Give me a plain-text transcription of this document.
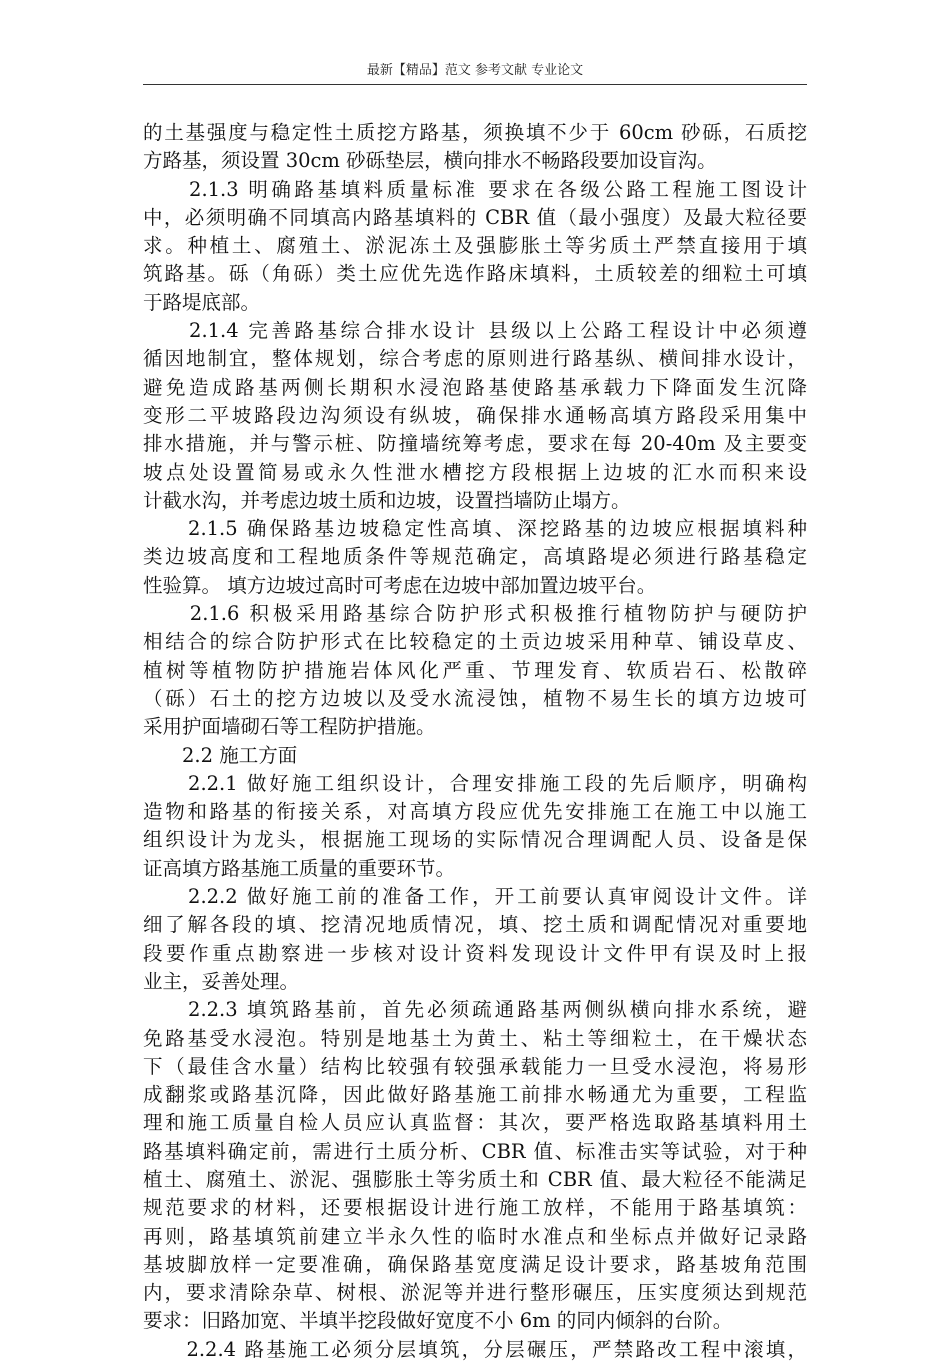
最新【精品】范文 参考文献 专业论文
的土基强度与稳定性土质挖方路基，须换填不少于 60cm 砂砾，石质挖
方路基，须设置 30cm 砂砾垫层，横向排水不畅路段要加设盲沟。
　　2.1.3 明确路基填料质量标准 要求在各级公路工程施工图设计
中，必须明确不同填高内路基填料的 CBR 值（最小强度）及最大粒径要
求。种植土、腐殖土、淤泥冻土及强膨胀土等劣质土严禁直接用于填
筑路基。砾（角砾）类土应优先选作路床填料，土质较差的细粒土可填
于路堤底部。
　　2.1.4 完善路基综合排水设计 县级以上公路工程设计中必须遵
循因地制宜，整体规划，综合考虑的原则进行路基纵、横间排水设计，
避免造成路基两侧长期积水浸泡路基使路基承载力下降面发生沉降
变形二平坡路段边沟须设有纵坡，确保排水通畅高填方路段采用集中
排水措施，并与警示桩、防撞墙统筹考虑，要求在每 20-40m 及主要变
坡点处设置简易或永久性泄水槽挖方段根据上边坡的汇水而积来设
计截水沟，并考虑边坡土质和边坡，设置挡墙防止塌方。
　　2.1.5 确保路基边坡稳定性高填、深挖路基的边坡应根据填料种
类边坡高度和工程地质条件等规范确定，高填路堤必须进行路基稳定
性验算。 填方边坡过高时可考虑在边坡中部加置边坡平台。
　　2.1.6 积极采用路基综合防护形式积极推行植物防护与硬防护
相结合的综合防护形式在比较稳定的土贡边坡采用种草、铺设草皮、
植树等植物防护措施岩体风化严重、节理发育、软质岩石、松散碎
（砾）石土的挖方边坡以及受水流浸蚀，植物不易生长的填方边坡可
采用护面墙砌石等工程防护措施。
　　2.2 施工方面
　　2.2.1 做好施工组织设计，合理安排施工段的先后顺序，明确构
造物和路基的衔接关系，对高填方段应优先安排施工在施工中以施工
组织设计为龙头，根据施工现场的实际情况合理调配人员、设备是保
证高填方路基施工质量的重要环节。
　　2.2.2 做好施工前的准备工作，开工前要认真审阅设计文件。详
细了解各段的填、挖清况地质情况，填、挖土质和调配情况对重要地
段要作重点勘察进一步核对设计资料发现设计文件甲有误及时上报
业主，妥善处理。
　　2.2.3 填筑路基前，首先必须疏通路基两侧纵横向排水系统，避
免路基受水浸泡。特别是地基土为黄土、粘土等细粒土，在干燥状态
下（最佳含水量）结构比较强有较强承载能力一旦受水浸泡，将易形
成翻浆或路基沉降，因此做好路基施工前排水畅通尤为重要，工程监
理和施工质量自检人员应认真监督：其次，要严格选取路基填料用土
路基填料确定前，需进行土质分析、CBR 值、标准击实等试验，对于种
植土、腐殖土、淤泥、强膨胀土等劣质土和 CBR 值、最大粒径不能满足
规范要求的材料，还要根据设计进行施工放样，不能用于路基填筑：
再则，路基填筑前建立半永久性的临时水准点和坐标点并做好记录路
基坡脚放样一定要准确，确保路基宽度满足设计要求，路基坡角范围
内，要求清除杂草、树根、淤泥等并进行整形碾压，压实度须达到规范
要求：旧路加宽、半填半挖段做好宽度不小 6m 的同内倾斜的台阶。
　　2.2.4 路基施工必须分层填筑，分层碾压，严禁路改工程中滚填，
